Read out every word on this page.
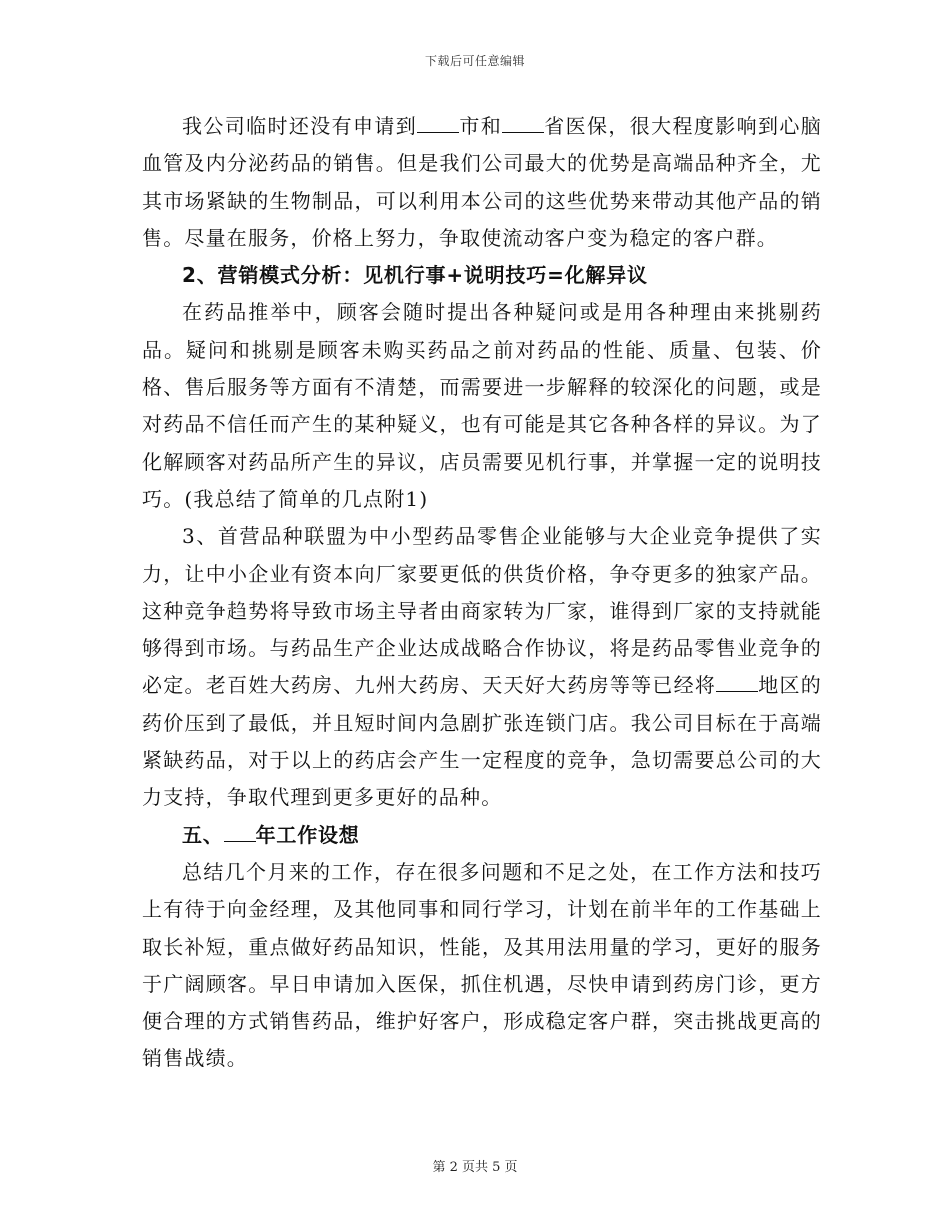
下载后可任意编辑

我公司临时还没有申请到 市和 省医保，很大程度影响到心脑血管及内分泌药品的销售。但是我们公司最大的优势是高端品种齐全，尤其市场紧缺的生物制品，可以利用本公司的这些优势来带动其他产品的销售。尽量在服务，价格上努力，争取使流动客户变为稳定的客户群。

2、营销模式分析：见机行事+说明技巧=化解异议

在药品推举中，顾客会随时提出各种疑问或是用各种理由来挑剔药品。疑问和挑剔是顾客未购买药品之前对药品的性能、质量、包装、价格、售后服务等方面有不清楚，而需要进一步解释的较深化的问题，或是对药品不信任而产生的某种疑义，也有可能是其它各种各样的异议。为了化解顾客对药品所产生的异议，店员需要见机行事，并掌握一定的说明技巧。(我总结了简单的几点附1)

3、首营品种联盟为中小型药品零售企业能够与大企业竞争提供了实力，让中小企业有资本向厂家要更低的供货价格，争夺更多的独家产品。这种竞争趋势将导致市场主导者由商家转为厂家，谁得到厂家的支持就能够得到市场。与药品生产企业达成战略合作协议，将是药品零售业竞争的必定。老百姓大药房、九州大药房、天天好大药房等等已经将 地区的药价压到了最低，并且短时间内急剧扩张连锁门店。我公司目标在于高端紧缺药品，对于以上的药店会产生一定程度的竞争，急切需要总公司的大力支持，争取代理到更多更好的品种。

五、 年工作设想

总结几个月来的工作，存在很多问题和不足之处，在工作方法和技巧上有待于向金经理，及其他同事和同行学习，计划在前半年的工作基础上取长补短，重点做好药品知识，性能，及其用法用量的学习，更好的服务于广阔顾客。早日申请加入医保，抓住机遇，尽快申请到药房门诊，更方便合理的方式销售药品，维护好客户，形成稳定客户群，突击挑战更高的销售战绩。

第 2 页共 5 页
